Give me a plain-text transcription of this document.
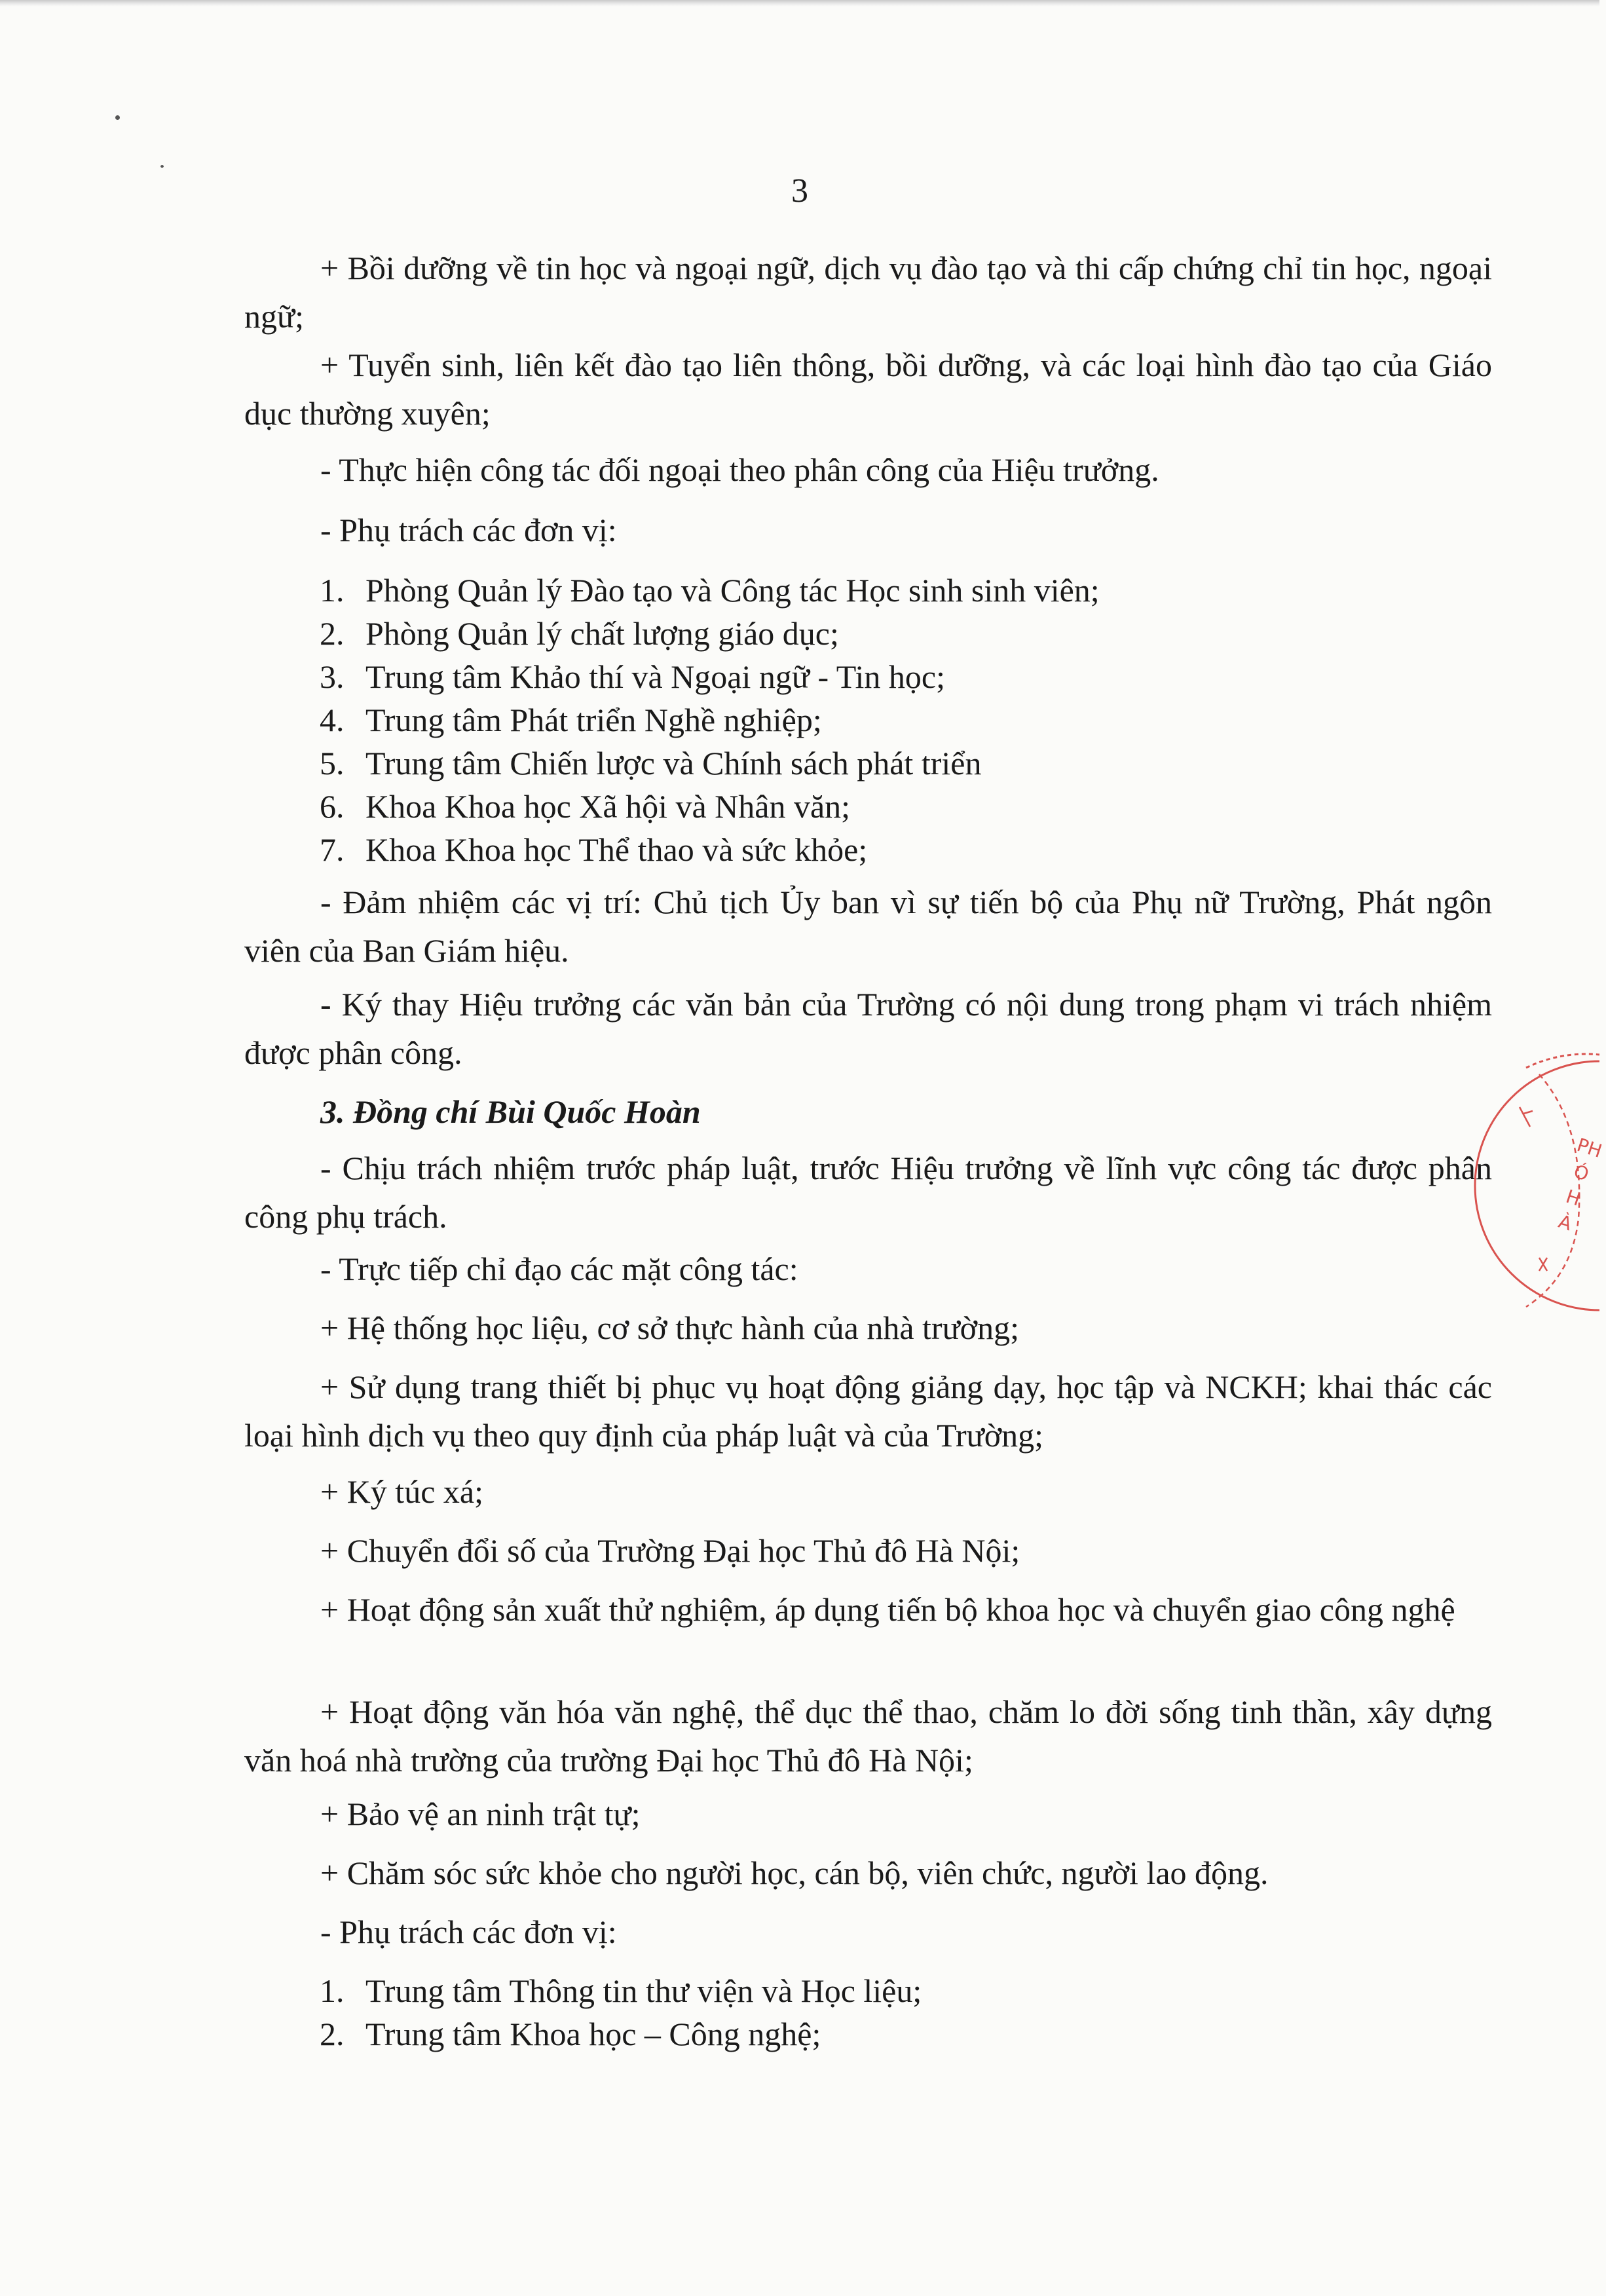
3

+ Bồi dưỡng về tin học và ngoại ngữ, dịch vụ đào tạo và thi cấp chứng chỉ tin học, ngoại ngữ;

+ Tuyển sinh, liên kết đào tạo liên thông, bồi dưỡng, và các loại hình đào tạo của Giáo dục thường xuyên;

- Thực hiện công tác đối ngoại theo phân công của Hiệu trưởng.

- Phụ trách các đơn vị:

1. Phòng Quản lý Đào tạo và Công tác Học sinh sinh viên;
2. Phòng Quản lý chất lượng giáo dục;
3. Trung tâm Khảo thí và Ngoại ngữ - Tin học;
4. Trung tâm Phát triển Nghề nghiệp;
5. Trung tâm Chiến lược và Chính sách phát triển
6. Khoa Khoa học Xã hội và Nhân văn;
7. Khoa Khoa học Thể thao và sức khỏe;

- Đảm nhiệm các vị trí: Chủ tịch Ủy ban vì sự tiến bộ của Phụ nữ Trường, Phát ngôn viên của Ban Giám hiệu.

- Ký thay Hiệu trưởng các văn bản của Trường có nội dung trong phạm vi trách nhiệm được phân công.

3. Đồng chí Bùi Quốc Hoàn

- Chịu trách nhiệm trước pháp luật, trước Hiệu trưởng về lĩnh vực công tác được phân công phụ trách.

- Trực tiếp chỉ đạo các mặt công tác:

+ Hệ thống học liệu, cơ sở thực hành của nhà trường;

+ Sử dụng trang thiết bị phục vụ hoạt động giảng dạy, học tập và NCKH; khai thác các loại hình dịch vụ theo quy định của pháp luật và của Trường;

+ Ký túc xá;

+ Chuyển đổi số của Trường Đại học Thủ đô Hà Nội;

+ Hoạt động sản xuất thử nghiệm, áp dụng tiến bộ khoa học và chuyển giao công nghệ

+ Hoạt động văn hóa văn nghệ, thể dục thể thao, chăm lo đời sống tinh thần, xây dựng văn hoá nhà trường của trường Đại học Thủ đô Hà Nội;

+ Bảo vệ an ninh trật tự;

+ Chăm sóc sức khỏe cho người học, cán bộ, viên chức, người lao động.

- Phụ trách các đơn vị:

1. Trung tâm Thông tin thư viện và Học liệu;
2. Trung tâm Khoa học – Công nghệ;
PHÓ HÀ
